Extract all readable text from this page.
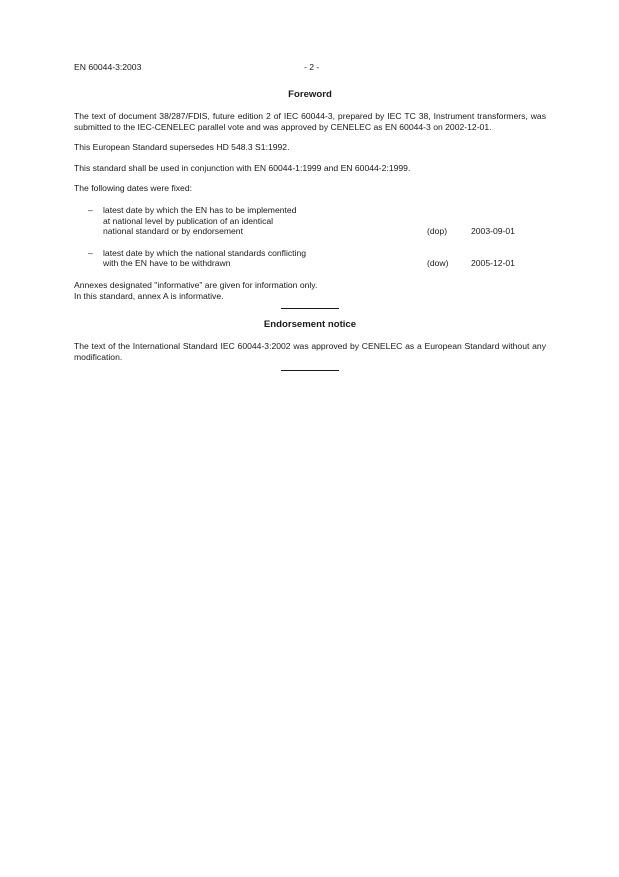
EN 60044-3:2003	- 2 -
Foreword

The text of document 38/287/FDIS, future edition 2 of IEC 60044-3, prepared by IEC TC 38, Instrument transformers, was submitted to the IEC-CENELEC parallel vote and was approved by CENELEC as EN 60044-3 on 2002-12-01.

This European Standard supersedes HD 548.3 S1:1992.

This standard shall be used in conjunction with EN 60044-1:1999 and EN 60044-2:1999.

The following dates were fixed:

– latest date by which the EN has to be implemented
at national level by publication of an identical
national standard or by endorsement	(dop)	2003-09-01
– latest date by which the national standards conflicting
with the EN have to be withdrawn	(dow)	2005-12-01
Annexes designated "informative" are given for information only.
In this standard, annex A is informative.
Endorsement notice

The text of the International Standard IEC 60044-3:2002 was approved by CENELEC as a European Standard without any modification.
